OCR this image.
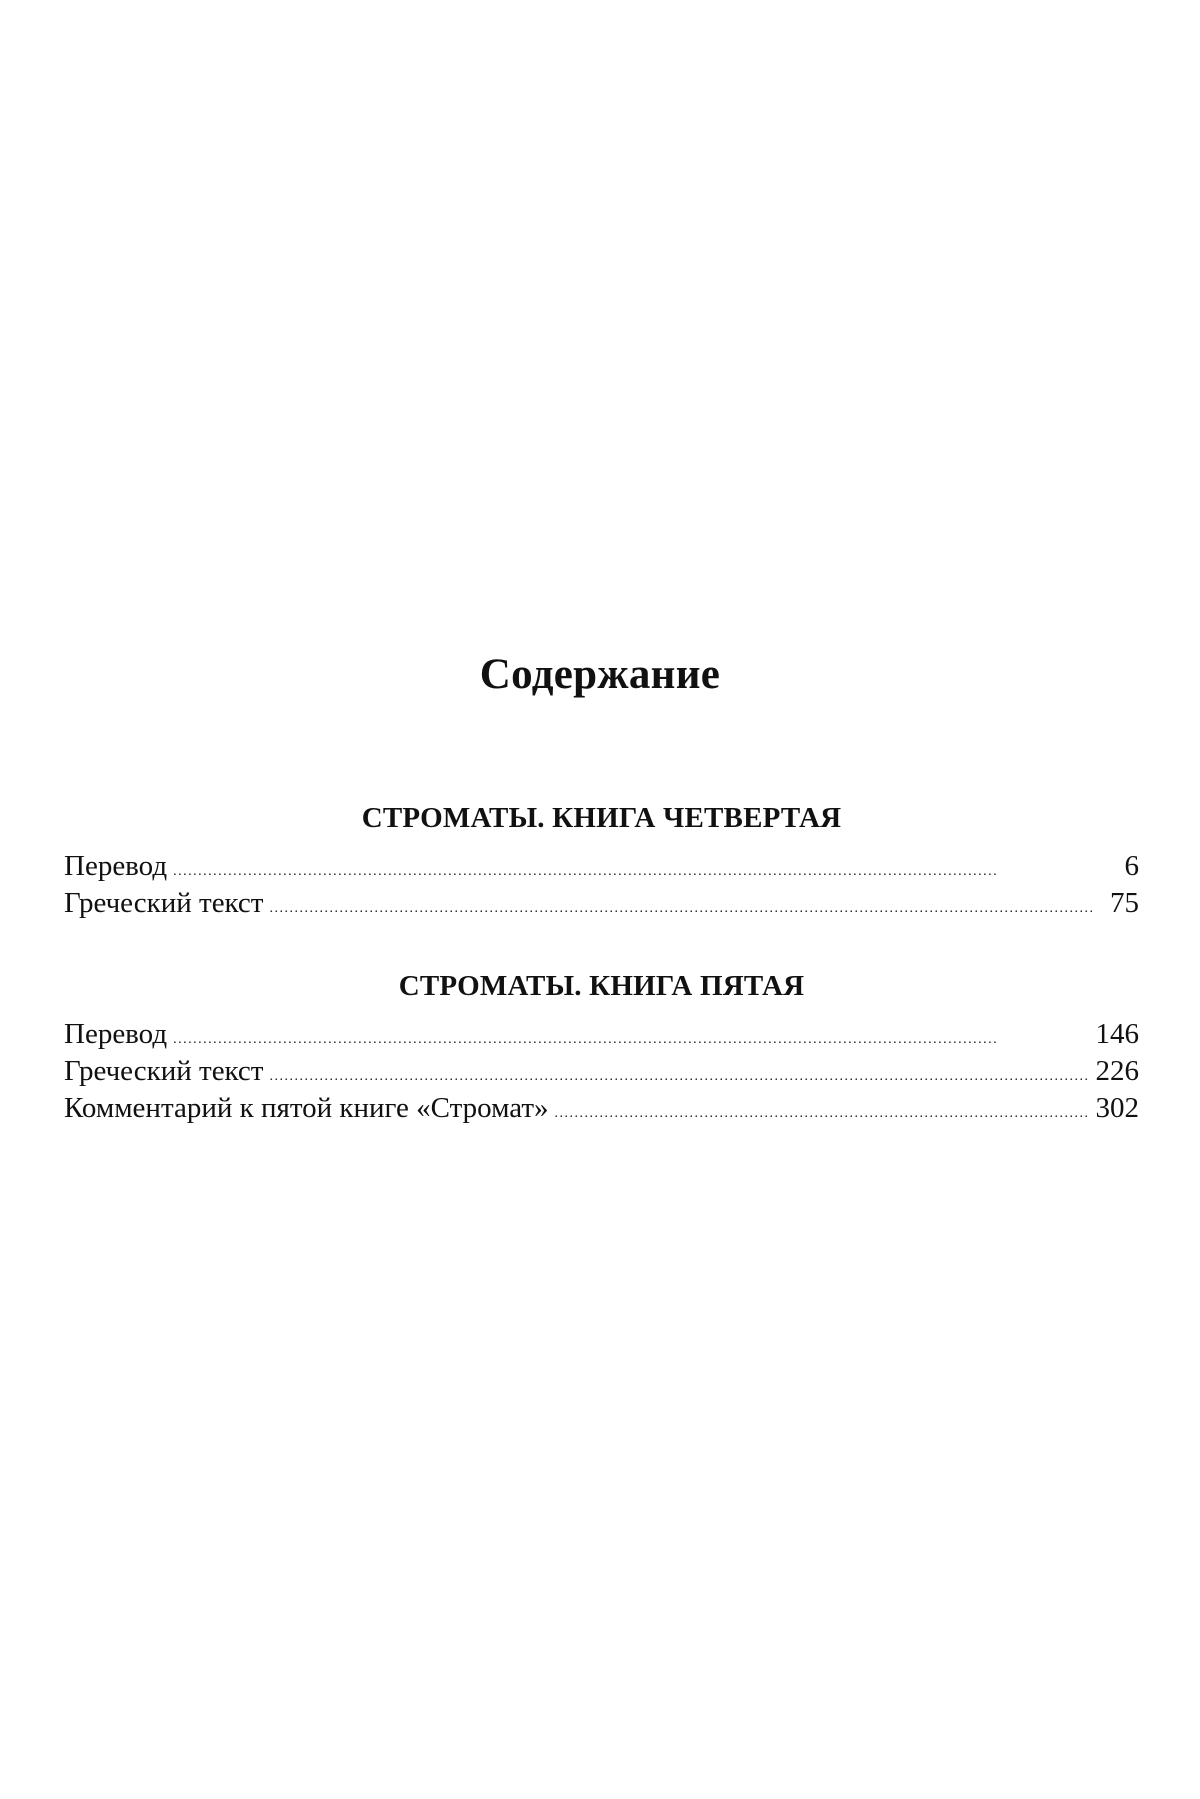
Содержание
СТРОМАТЫ. КНИГА ЧЕТВЕРТАЯ
Перевод . . .	6
Греческий текст . . .	75
СТРОМАТЫ. КНИГА ПЯТАЯ
Перевод . . .	146
Греческий текст . . .	226
Комментарий к пятой книге «Стромат» . . .	302
